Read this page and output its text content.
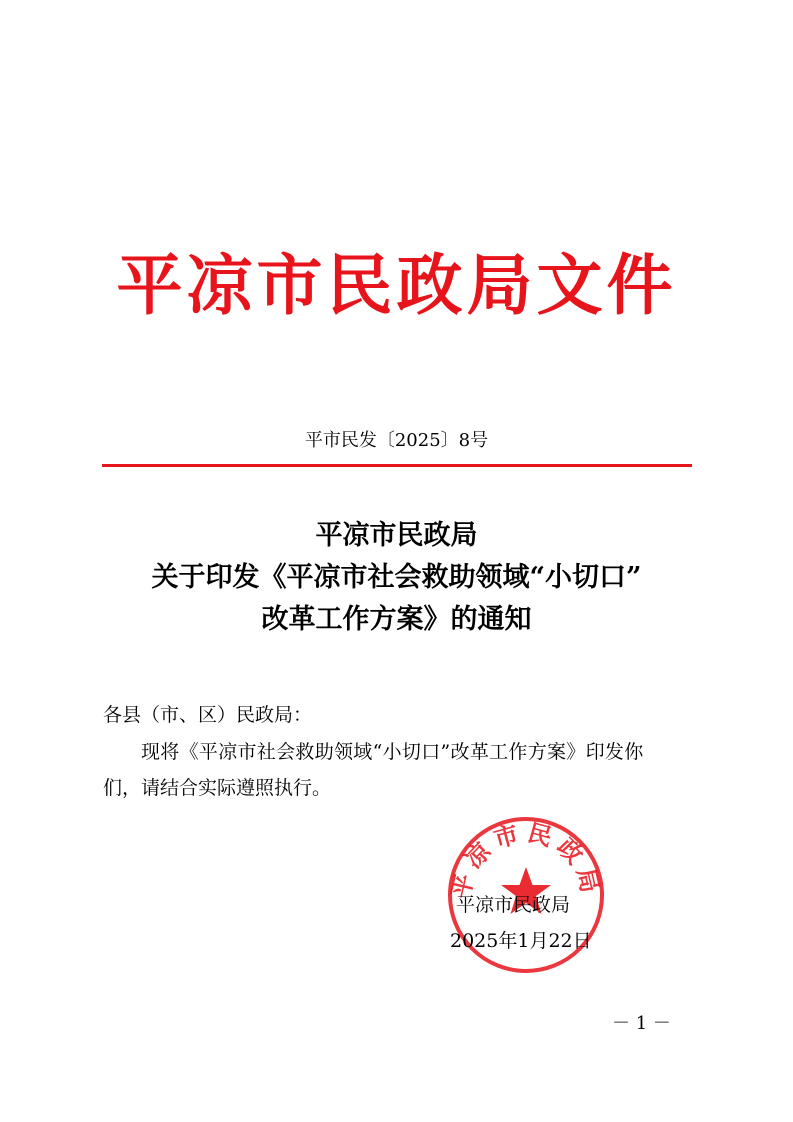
平凉市民政局文件
平市民发〔2025〕8号
平凉市民政局
关于印发《平凉市社会救助领域“小切口”
改革工作方案》的通知
各县（市、区）民政局：
现将《平凉市社会救助领域“小切口”改革工作方案》印发你
们，请结合实际遵照执行。
平凉市民政局
平凉市民政局
2025年1月22日
－ 1 －
